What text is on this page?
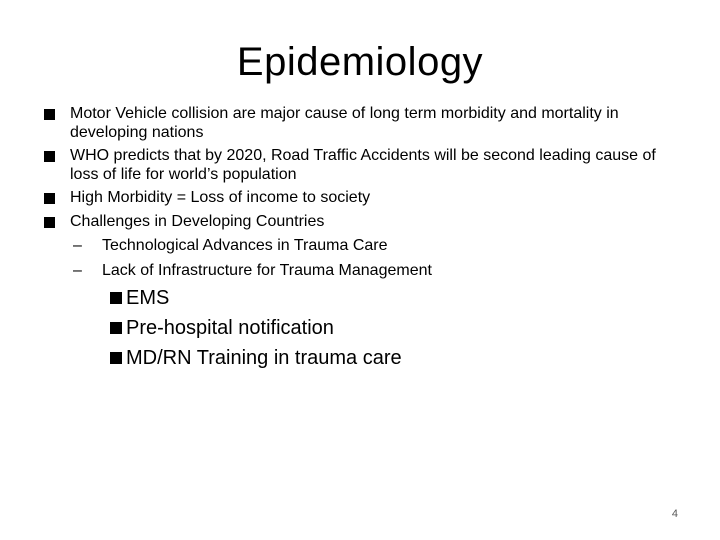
Epidemiology
Motor Vehicle collision are major cause of long term morbidity and mortality in developing nations
WHO predicts that by 2020, Road Traffic Accidents will be second leading cause of loss of life for world’s population
High Morbidity = Loss of income to society
Challenges in Developing Countries
– Technological Advances in Trauma Care
– Lack of Infrastructure for Trauma Management
EMS
Pre-hospital notification
MD/RN Training in trauma care
4
